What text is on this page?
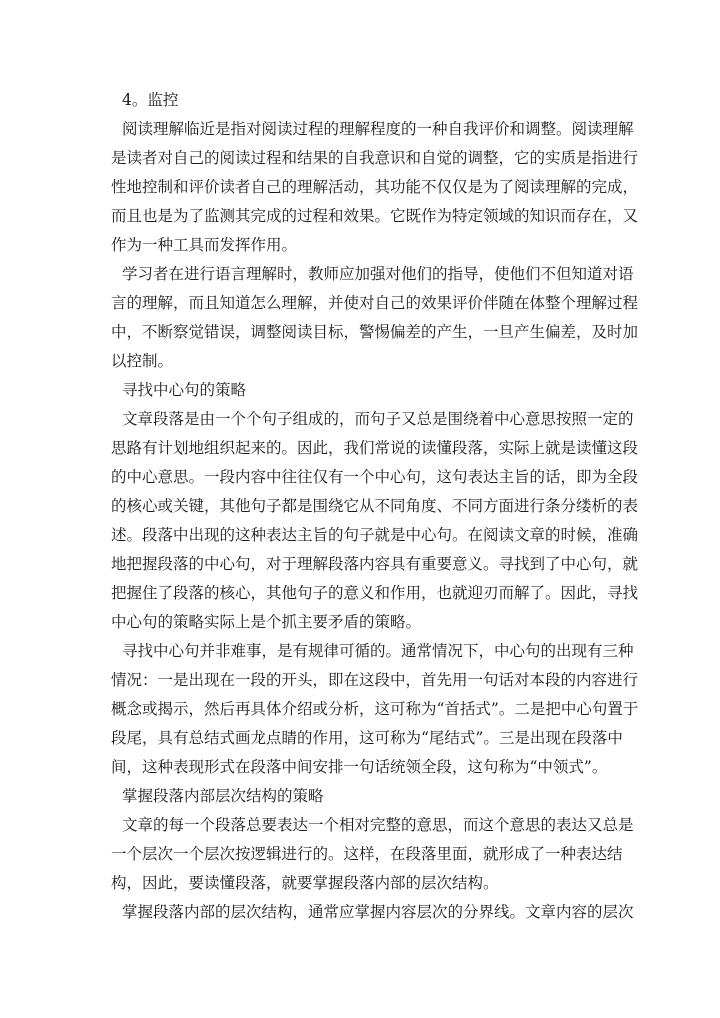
4。监控
阅读理解临近是指对阅读过程的理解程度的一种自我评价和调整。阅读理解
是读者对自己的阅读过程和结果的自我意识和自觉的调整，它的实质是指进行
性地控制和评价读者自己的理解活动，其功能不仅仅是为了阅读理解的完成，
而且也是为了监测其完成的过程和效果。它既作为特定领域的知识而存在，又
作为一种工具而发挥作用。
学习者在进行语言理解时，教师应加强对他们的指导，使他们不但知道对语
言的理解，而且知道怎么理解，并使对自己的效果评价伴随在体整个理解过程
中，不断察觉错误，调整阅读目标，警惕偏差的产生，一旦产生偏差，及时加
以控制。
寻找中心句的策略
文章段落是由一个个句子组成的，而句子又总是围绕着中心意思按照一定的
思路有计划地组织起来的。因此，我们常说的读懂段落，实际上就是读懂这段
的中心意思。一段内容中往往仅有一个中心句，这句表达主旨的话，即为全段
的核心或关键，其他句子都是围绕它从不同角度、不同方面进行条分缕析的表
述。段落中出现的这种表达主旨的句子就是中心句。在阅读文章的时候，准确
地把握段落的中心句，对于理解段落内容具有重要意义。寻找到了中心句，就
把握住了段落的核心，其他句子的意义和作用，也就迎刃而解了。因此，寻找
中心句的策略实际上是个抓主要矛盾的策略。
寻找中心句并非难事，是有规律可循的。通常情况下，中心句的出现有三种
情况：一是出现在一段的开头，即在这段中，首先用一句话对本段的内容进行
概念或揭示，然后再具体介绍或分析，这可称为“首括式”。二是把中心句置于
段尾，具有总结式画龙点睛的作用，这可称为“尾结式”。三是出现在段落中
间，这种表现形式在段落中间安排一句话统领全段，这句称为“中领式”。
掌握段落内部层次结构的策略
文章的每一个段落总要表达一个相对完整的意思，而这个意思的表达又总是
一个层次一个层次按逻辑进行的。这样，在段落里面，就形成了一种表达结
构，因此，要读懂段落，就要掌握段落内部的层次结构。
掌握段落内部的层次结构，通常应掌握内容层次的分界线。文章内容的层次
